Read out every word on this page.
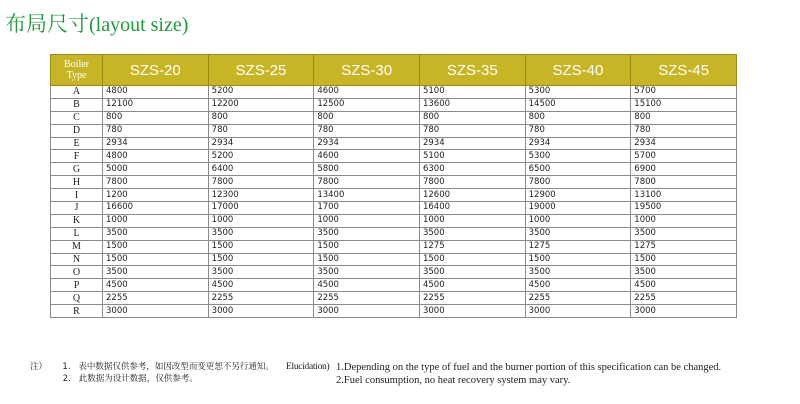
布局尺寸(layout size)
Boiler
Type	SZS-20	SZS-25	SZS-30	SZS-35	SZS-40	SZS-45
A	4800	5200	4600	5100	5300	5700
B	12100	12200	12500	13600	14500	15100
C	800	800	800	800	800	800
D	780	780	780	780	780	780
E	2934	2934	2934	2934	2934	2934
F	4800	5200	4600	5100	5300	5700
G	5000	6400	5800	6300	6500	6900
H	7800	7800	7800	7800	7800	7800
I	1200	12300	13400	12600	12900	13100
J	16600	17000	1700	16400	19000	19500
K	1000	1000	1000	1000	1000	1000
L	3500	3500	3500	3500	3500	3500
M	1500	1500	1500	1275	1275	1275
N	1500	1500	1500	1500	1500	1500
O	3500	3500	3500	3500	3500	3500
P	4500	4500	4500	4500	4500	4500
Q	2255	2255	2255	2255	2255	2255
R	3000	3000	3000	3000	3000	3000
注） 1. 表中数据仅供参考，如因改型而变更恕不另行通知。
2. 此数据为设计数据，仅供参考。
Elucidation) 1.Depending on the type of fuel and the burner portion of this specification can be changed.
2.Fuel consumption, no heat recovery system may vary.
